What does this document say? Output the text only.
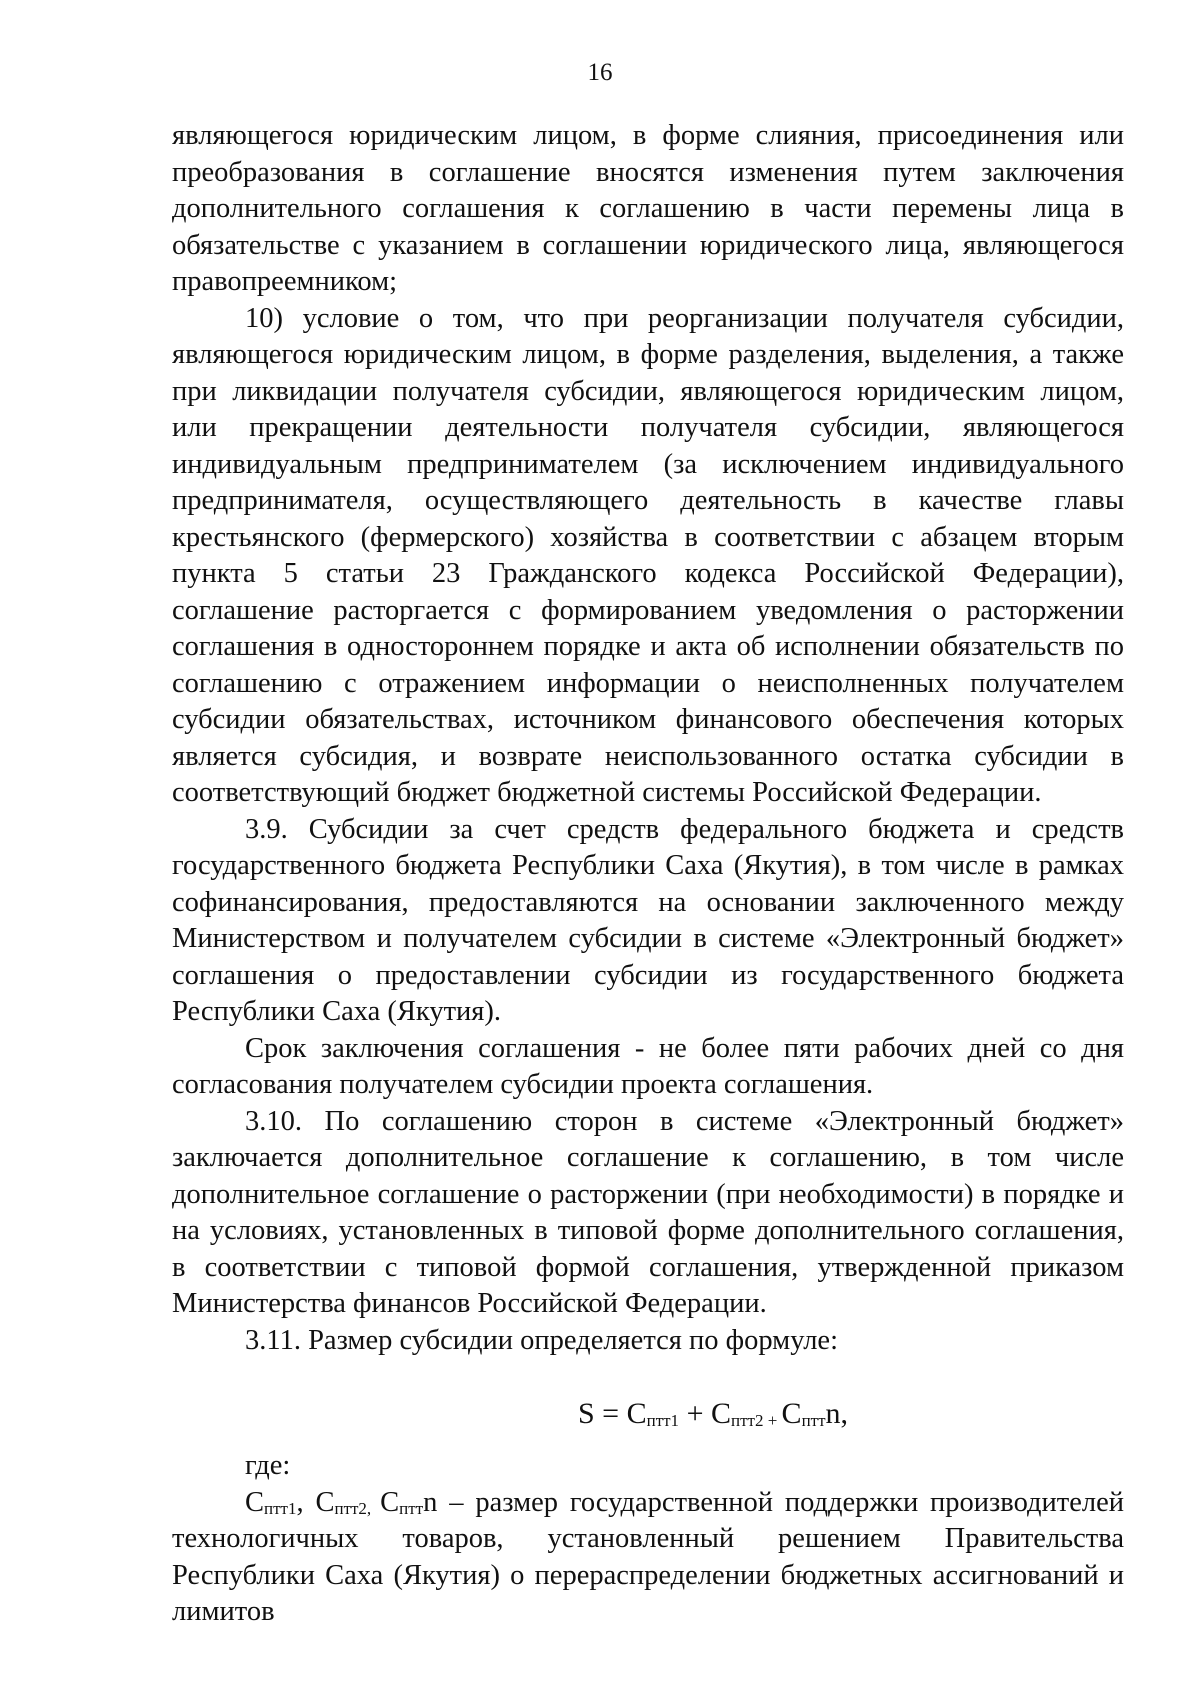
16

являющегося юридическим лицом, в форме слияния, присоединения или преобразования в соглашение вносятся изменения путем заключения дополнительного соглашения к соглашению в части перемены лица в обязательстве с указанием в соглашении юридического лица, являющегося правопреемником;

10) условие о том, что при реорганизации получателя субсидии, являющегося юридическим лицом, в форме разделения, выделения, а также при ликвидации получателя субсидии, являющегося юридическим лицом, или прекращении деятельности получателя субсидии, являющегося индивидуальным предпринимателем (за исключением индивидуального предпринимателя, осуществляющего деятельность в качестве главы крестьянского (фермерского) хозяйства в соответствии с абзацем вторым пункта 5 статьи 23 Гражданского кодекса Российской Федерации), соглашение расторгается с формированием уведомления о расторжении соглашения в одностороннем порядке и акта об исполнении обязательств по соглашению с отражением информации о неисполненных получателем субсидии обязательствах, источником финансового обеспечения которых является субсидия, и возврате неиспользованного остатка субсидии в соответствующий бюджет бюджетной системы Российской Федерации.

3.9. Субсидии за счет средств федерального бюджета и средств государственного бюджета Республики Саха (Якутия), в том числе в рамках софинансирования, предоставляются на основании заключенного между Министерством и получателем субсидии в системе «Электронный бюджет» соглашения о предоставлении субсидии из государственного бюджета Республики Саха (Якутия).

Срок заключения соглашения - не более пяти рабочих дней со дня согласования получателем субсидии проекта соглашения.

3.10. По соглашению сторон в системе «Электронный бюджет» заключается дополнительное соглашение к соглашению, в том числе дополнительное соглашение о расторжении (при необходимости) в порядке и на условиях, установленных в типовой форме дополнительного соглашения, в соответствии с типовой формой соглашения, утвержденной приказом Министерства финансов Российской Федерации.

3.11. Размер субсидии определяется по формуле:

$S = C_{птт1} + C_{птт2 +}$ $C_{птт}n$,

где:

$C_{птт1}$, $C_{птт2,}$ $C_{птт}n$ – размер государственной поддержки производителей технологичных товаров, установленный решением Правительства Республики Саха (Якутия) о перераспределении бюджетных ассигнований и лимитов
